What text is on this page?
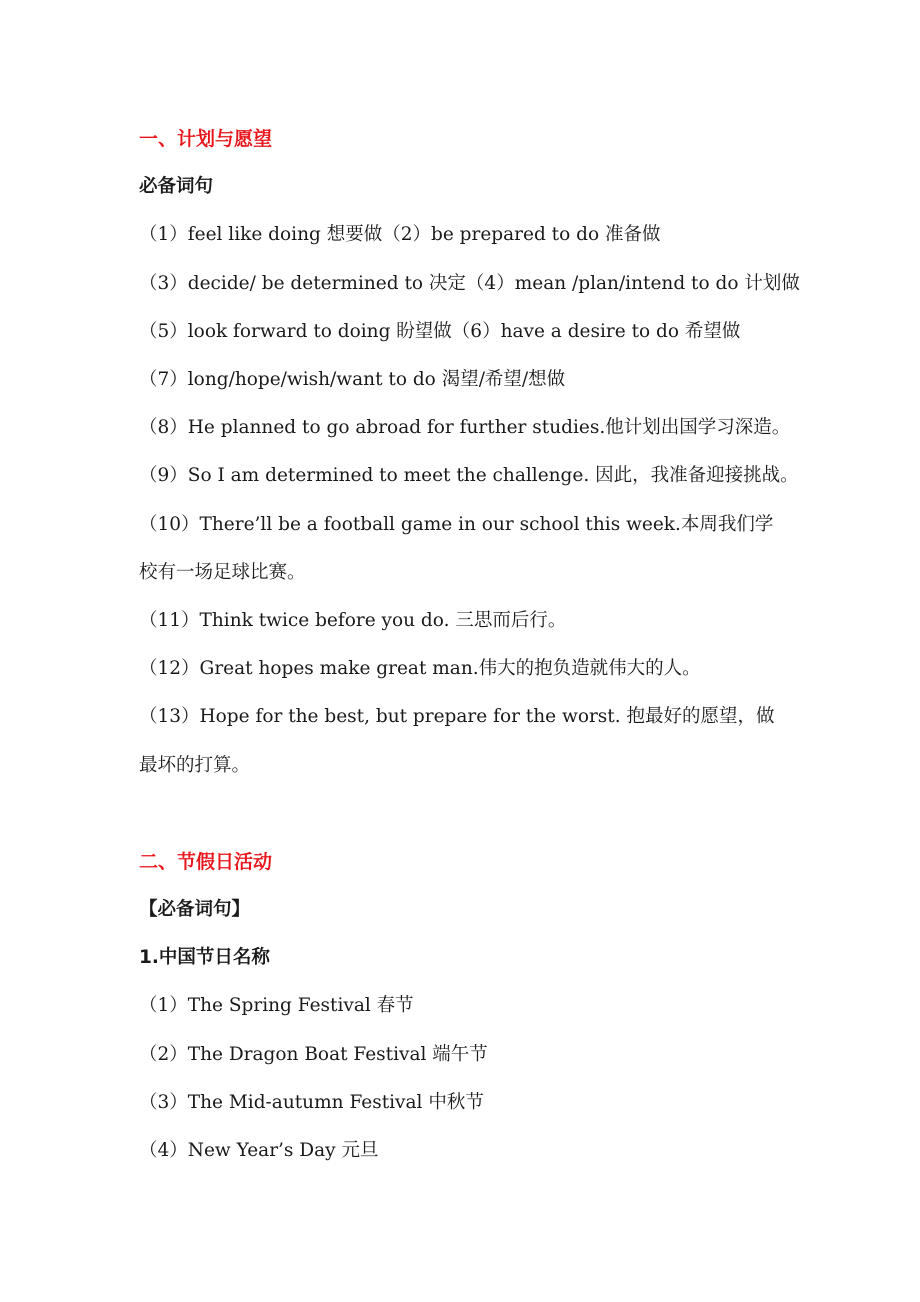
一、计划与愿望
必备词句
（1）feel like doing 想要做（2）be prepared to do 准备做
（3）decide/ be determined to 决定（4）mean /plan/intend to do 计划做
（5）look forward to doing 盼望做（6）have a desire to do 希望做
（7）long/hope/wish/want to do 渴望/希望/想做
（8）He planned to go abroad for further studies.他计划出国学习深造。
（9）So I am determined to meet the challenge. 因此，我准备迎接挑战。
（10）There’ll be a football game in our school this week.本周我们学校有一场足球比赛。
（11）Think twice before you do. 三思而后行。
（12）Great hopes make great man.伟大的抱负造就伟大的人。
（13）Hope for the best, but prepare for the worst. 抱最好的愿望，做最坏的打算。
二、节假日活动
【必备词句】
1.中国节日名称
（1）The Spring Festival 春节
（2）The Dragon Boat Festival 端午节
（3）The Mid-autumn Festival 中秋节
（4）New Year’s Day 元旦
